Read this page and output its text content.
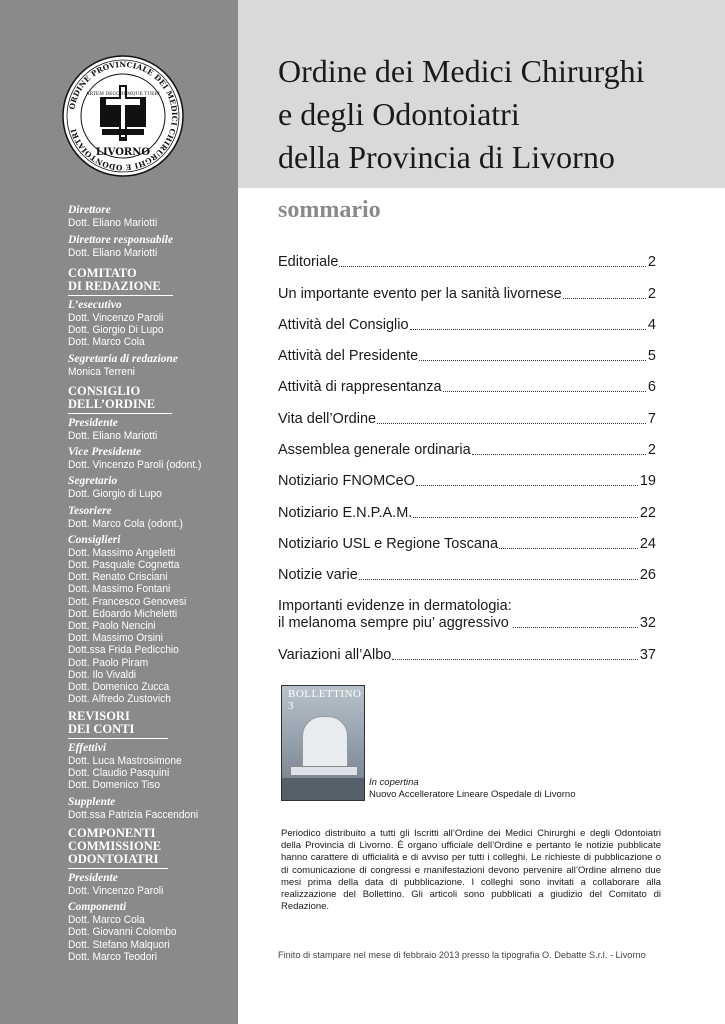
ORDINE PROVINCIALE DEI MEDICI CHIRURGHI E ODONTOIATRI
ARTEM DECORUMQUE TUERI
LIVORNO
Ordine dei Medici Chirurghi
e degli Odontoiatri
della Provincia di Livorno
Direttore
Dott. Eliano Mariotti
Direttore responsabile
Dott. Eliano Mariotti
COMITATO
DI REDAZIONE
L’esecutivo
Dott. Vincenzo Paroli
Dott. Giorgio Di Lupo
Dott. Marco Cola
Segretaria di redazione
Monica Terreni
CONSIGLIO
DELL’ORDINE
Presidente
Dott. Eliano Mariotti
Vice Presidente
Dott. Vincenzo Paroli (odont.)
Segretario
Dott. Giorgio di Lupo
Tesoriere
Dott. Marco Cola (odont.)
Consiglieri
Dott. Massimo Angeletti
Dott. Pasquale Cognetta
Dott. Renato Crisciani
Dott. Massimo Fontani
Dott. Francesco Genovesi
Dott. Edoardo Micheletti
Dott. Paolo Nencini
Dott. Massimo Orsini
Dott.ssa Frida Pedicchio
Dott. Paolo Piram
Dott. Ilo Vivaldi
Dott. Domenico Zucca
Dott. Alfredo Zustovich
REVISORI
DEI CONTI
Effettivi
Dott. Luca Mastrosimone
Dott. Claudio Pasquini
Dott. Domenico Tiso
Supplente
Dott.ssa Patrizia Faccendoni
COMPONENTI
COMMISSIONE
ODONTOIATRI
Presidente
Dott. Vincenzo Paroli
Componenti
Dott. Marco Cola
Dott. Giovanni Colombo
Dott. Stefano Malquori
Dott. Marco Teodori
sommario
Editoriale	2
Un importante evento per la sanità livornese	2
Attività del Consiglio	4
Attività del Presidente	5
Attività di rappresentanza	6
Vita dell’Ordine	7
Assemblea generale ordinaria	2
Notiziario FNOMCeO	19
Notiziario E.N.P.A.M.	22
Notiziario USL e Regione Toscana	24
Notizie varie	26
Importanti evidenze in dermatologia:
il melanoma sempre piu’ aggressivo	32
Variazioni all’Albo	37
BOLLETTINO 3
In copertina
Nuovo Accelleratore Lineare Ospedale di Livorno
Periodico distribuito a tutti gli Iscritti all’Ordine dei Medici Chirurghi e degli Odontoiatri della Provincia di Livorno. È organo ufficiale dell’Ordine e pertanto le notizie pubblicate hanno carattere di ufficialità e di avviso per tutti i colleghi. Le richieste di pubblicazione o di comunicazione di congressi e manifestazioni devono pervenire all’Ordine almeno due mesi prima della data di pubblicazione. I colleghi sono invitati a collaborare alla realizzazione del Bollettino. Gli articoli sono pubblicati a giudizio del Comitato di Redazione.
Finito di stampare nel mese di febbraio 2013 presso la tipografia O. Debatte S.r.l. - Livorno
